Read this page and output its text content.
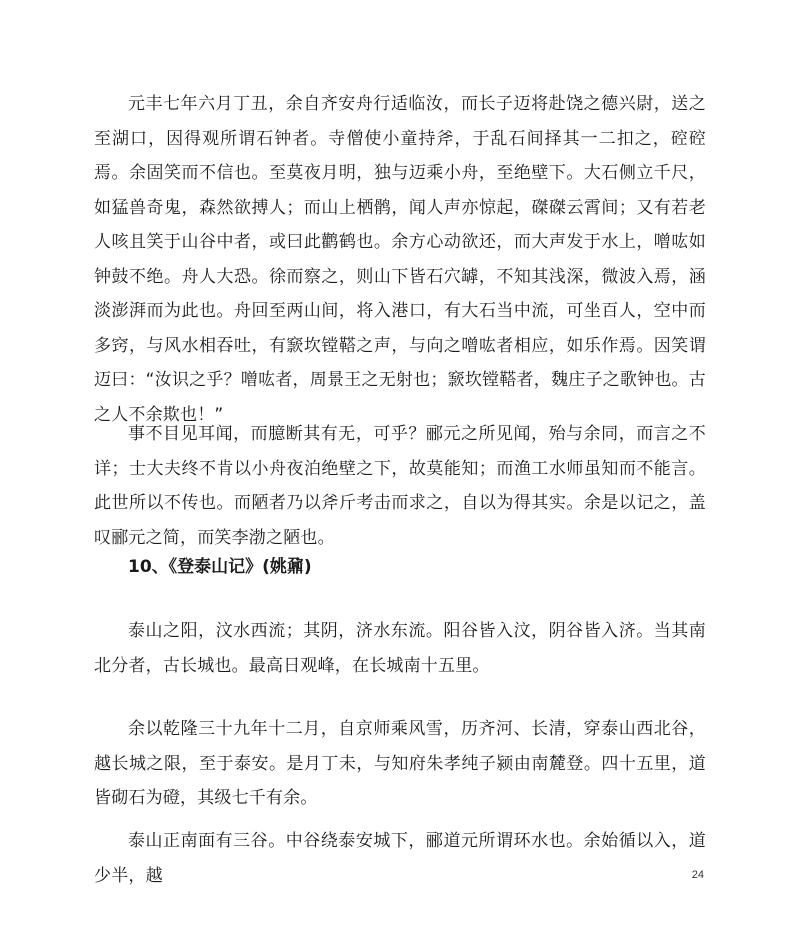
元丰七年六月丁丑，余自齐安舟行适临汝，而长子迈将赴饶之德兴尉，送之至湖口，因得观所谓石钟者。寺僧使小童持斧，于乱石间择其一二扣之，硿硿焉。余固笑而不信也。至莫夜月明，独与迈乘小舟，至绝壁下。大石侧立千尺，如猛兽奇鬼，森然欲搏人；而山上栖鹘，闻人声亦惊起，磔磔云霄间；又有若老人咳且笑于山谷中者，或曰此鹳鹤也。余方心动欲还，而大声发于水上，噌吰如钟鼓不绝。舟人大恐。徐而察之，则山下皆石穴罅，不知其浅深，微波入焉，涵淡澎湃而为此也。舟回至两山间，将入港口，有大石当中流，可坐百人，空中而多窍，与风水相吞吐，有窾坎镗鞳之声，与向之噌吰者相应，如乐作焉。因笑谓迈曰：“汝识之乎？噌吰者，周景王之无射也；窾坎镗鞳者，魏庄子之歌钟也。古之人不余欺也！”

事不目见耳闻，而臆断其有无，可乎？郦元之所见闻，殆与余同，而言之不详；士大夫终不肯以小舟夜泊绝壁之下，故莫能知；而渔工水师虽知而不能言。此世所以不传也。而陋者乃以斧斤考击而求之，自以为得其实。余是以记之，盖叹郦元之简，而笑李渤之陋也。

10、《登泰山记》(姚鼐)

泰山之阳，汶水西流；其阴，济水东流。阳谷皆入汶，阴谷皆入济。当其南北分者，古长城也。最高日观峰，在长城南十五里。

余以乾隆三十九年十二月，自京师乘风雪，历齐河、长清，穿泰山西北谷，越长城之限，至于泰安。是月丁未，与知府朱孝纯子颍由南麓登。四十五里，道皆砌石为磴，其级七千有余。

泰山正南面有三谷。中谷绕泰安城下，郦道元所谓环水也。余始循以入，道少半，越	24
